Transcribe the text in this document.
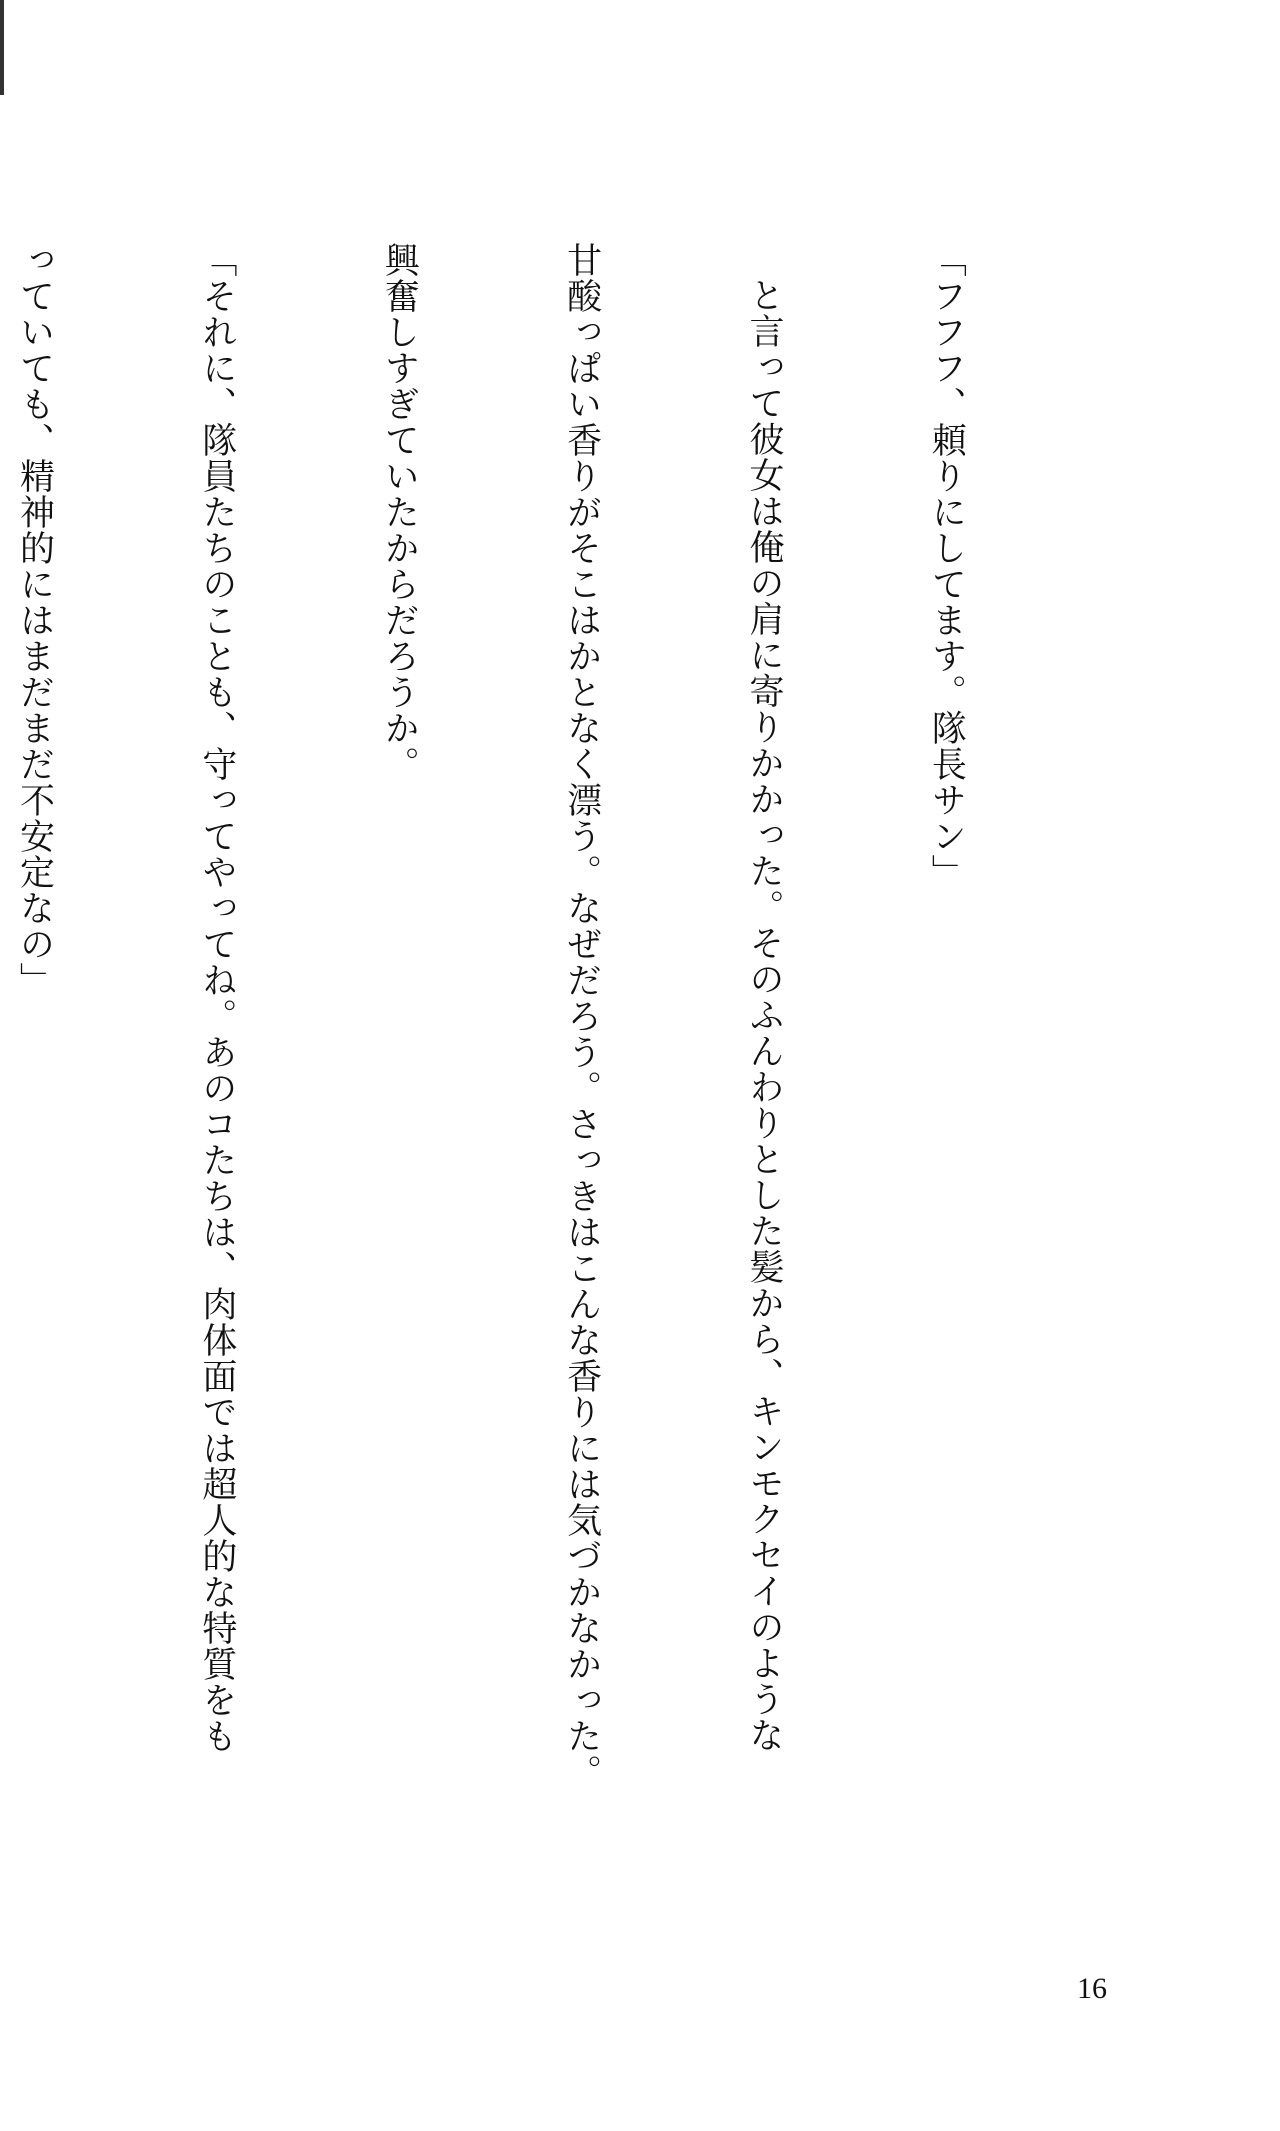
「フフフ、頼りにしてます。隊長サン」

と言って彼女は俺の肩に寄りかかった。そのふんわりとした髪から、キンモクセイのような

甘酸っぱい香りがそこはかとなく漂う。なぜだろう。さっきはこんな香りには気づかなかった。

興奮しすぎていたからだろうか。

「それに、隊員たちのことも、守ってやってね。あのコたちは、肉体面では超人的な特質をも

っていても、精神的にはまだまだ不安定なの」

16
